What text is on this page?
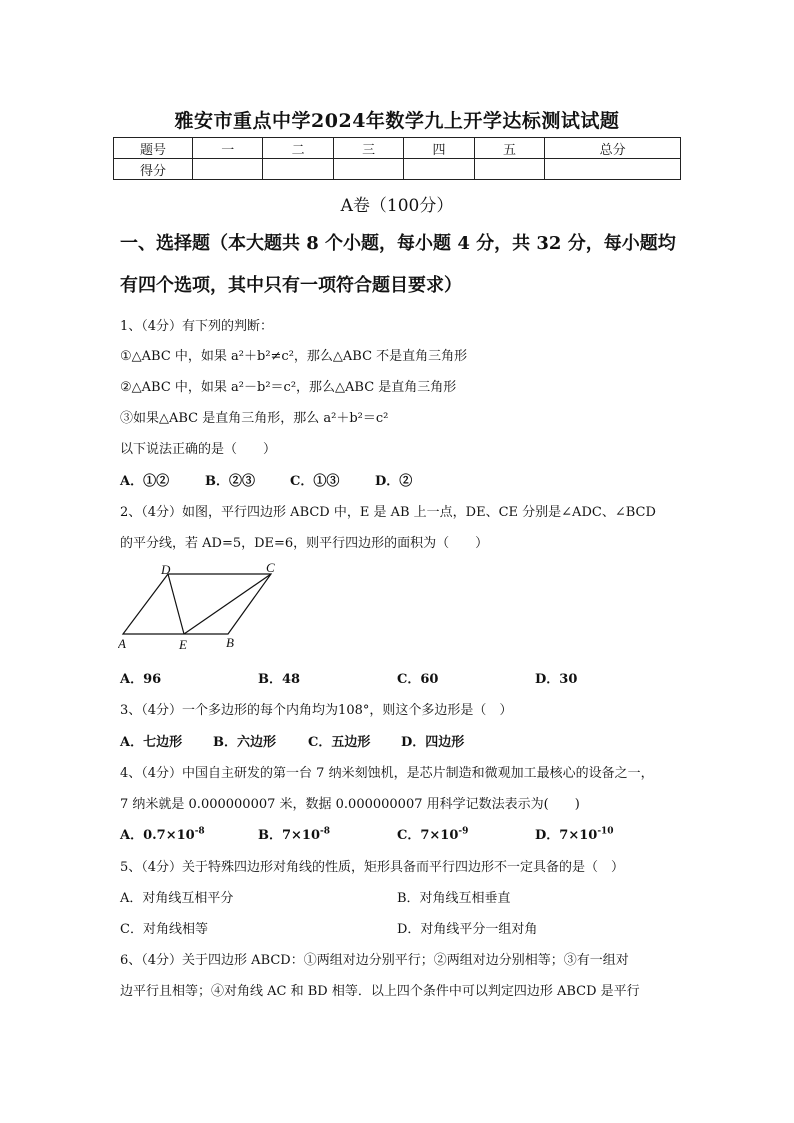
雅安市重点中学2024年数学九上开学达标测试试题
题号	一	二	三	四	五	总分
得分						
A卷（100分）
一、选择题（本大题共 8 个小题，每小题 4 分，共 32 分，每小题均
有四个选项，其中只有一项符合题目要求）
1、（4分）有下列的判断：
①△ABC 中，如果 a²＋b²≠c²，那么△ABC 不是直角三角形
②△ABC 中，如果 a²－b²＝c²，那么△ABC 是直角三角形
③如果△ABC 是直角三角形，那么 a²＋b²＝c²
以下说法正确的是（　　）
A．①②	B．②③	C．①③	D．②
2、（4分）如图，平行四边形 ABCD 中，E 是 AB 上一点，DE、CE 分别是∠ADC、∠BCD
的平分线，若 AD=5，DE=6，则平行四边形的面积为（　　）
A	B
C
D
E
A．96	B．48	C．60	D．30
3、（4分）一个多边形的每个内角均为108°，则这个多边形是（　）
A．七边形 B．六边形 C．五边形 D．四边形
4、（4分）中国自主研发的第一台 7 纳米刻蚀机，是芯片制造和微观加工最核心的设备之一，
7 纳米就是 0.000000007 米，数据 0.000000007 用科学记数法表示为(　　)
A．$0.7\times 10^{-8}$	B．$7\times 10^{-8}$	C．$7\times 10^{-9}$	D．$7\times 10^{-10}$
5、（4分）关于特殊四边形对角线的性质，矩形具备而平行四边形不一定具备的是（　）
A．对角线互相平分	B．对角线互相垂直
C．对角线相等	D．对角线平分一组对角
6、（4分）关于四边形 ABCD：①两组对边分别平行；②两组对边分别相等；③有一组对
边平行且相等；④对角线 AC 和 BD 相等．以上四个条件中可以判定四边形 ABCD 是平行
